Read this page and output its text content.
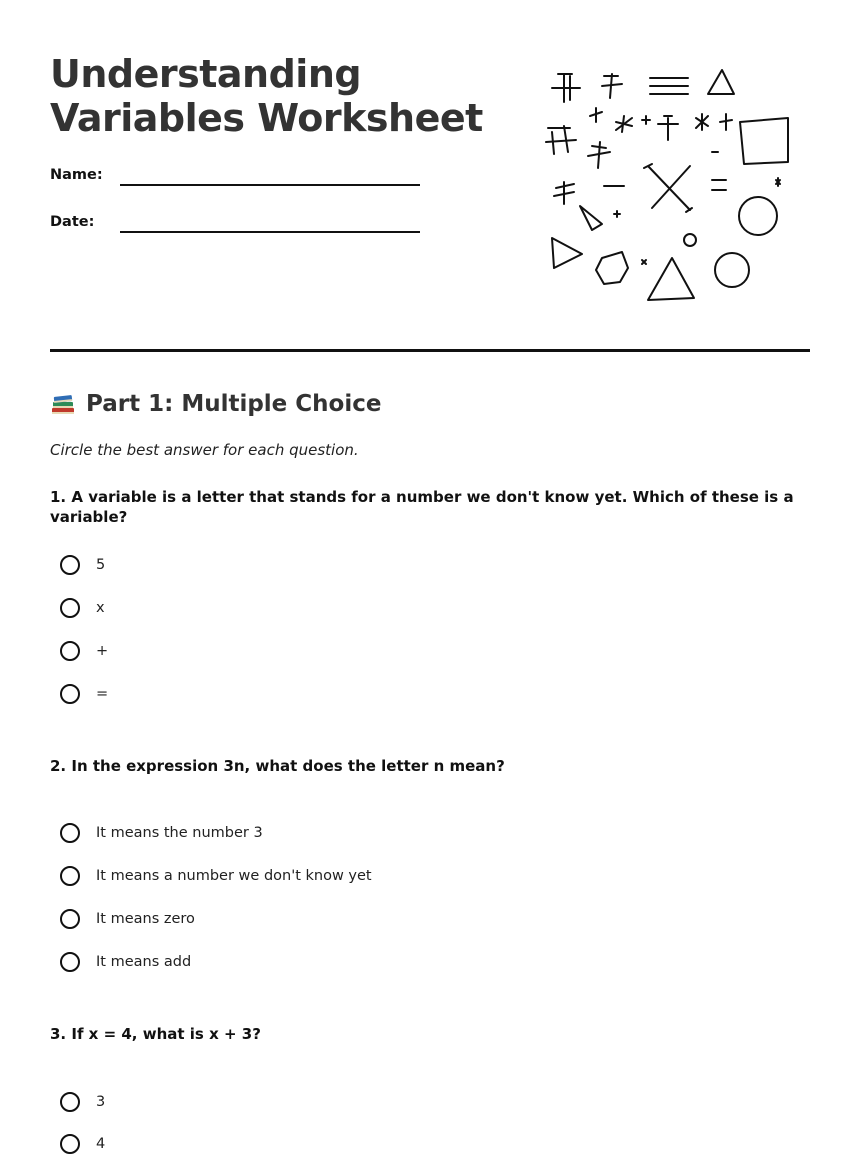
Understanding
Variables Worksheet
Name:
Date:
Part 1: Multiple Choice
Circle the best answer for each question.
1. A variable is a letter that stands for a number we don't know yet. Which of these is a variable?
5
x
+
=
2. In the expression 3n, what does the letter n mean?
It means the number 3
It means a number we don't know yet
It means zero
It means add
3. If x = 4, what is x + 3?
3
4
